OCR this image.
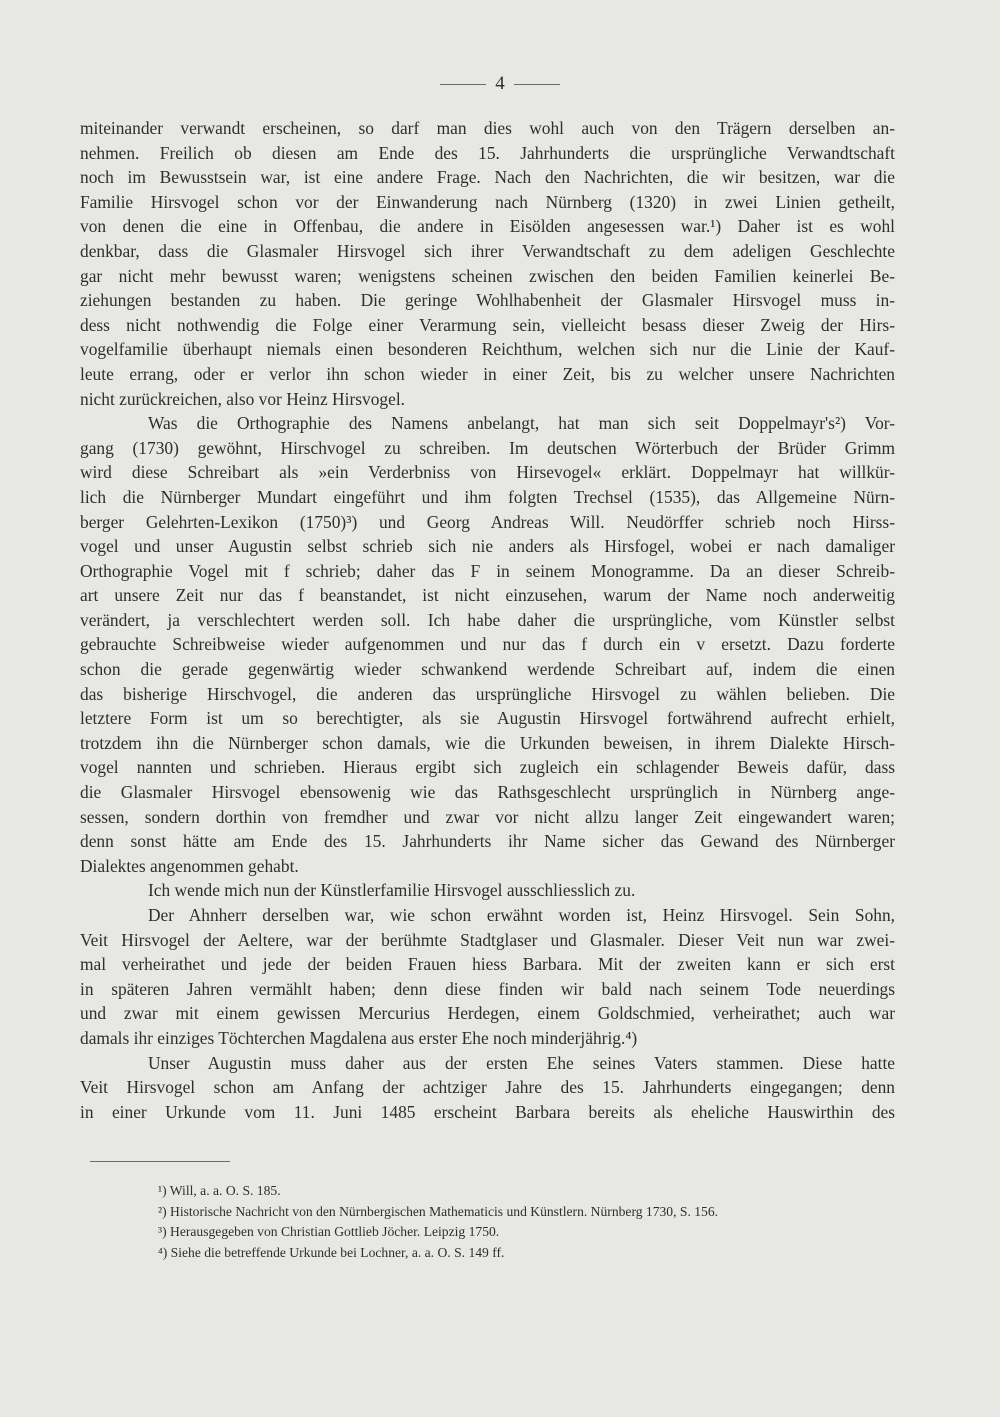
4
miteinander verwandt erscheinen, so darf man dies wohl auch von den Trägern derselben an-
nehmen. Freilich ob diesen am Ende des 15. Jahrhunderts die ursprüngliche Verwandtschaft
noch im Bewusstsein war, ist eine andere Frage. Nach den Nachrichten, die wir besitzen, war die
Familie Hirsvogel schon vor der Einwanderung nach Nürnberg (1320) in zwei Linien getheilt,
von denen die eine in Offenbau, die andere in Eisölden angesessen war.¹) Daher ist es wohl
denkbar, dass die Glasmaler Hirsvogel sich ihrer Verwandtschaft zu dem adeligen Geschlechte
gar nicht mehr bewusst waren; wenigstens scheinen zwischen den beiden Familien keinerlei Be-
ziehungen bestanden zu haben. Die geringe Wohlhabenheit der Glasmaler Hirsvogel muss in-
dess nicht nothwendig die Folge einer Verarmung sein, vielleicht besass dieser Zweig der Hirs-
vogelfamilie überhaupt niemals einen besonderen Reichthum, welchen sich nur die Linie der Kauf-
leute errang, oder er verlor ihn schon wieder in einer Zeit, bis zu welcher unsere Nachrichten
nicht zurückreichen, also vor Heinz Hirsvogel.
Was die Orthographie des Namens anbelangt, hat man sich seit Doppelmayr's²) Vor-
gang (1730) gewöhnt, Hirschvogel zu schreiben. Im deutschen Wörterbuch der Brüder Grimm
wird diese Schreibart als »ein Verderbniss von Hirsevogel« erklärt. Doppelmayr hat willkür-
lich die Nürnberger Mundart eingeführt und ihm folgten Trechsel (1535), das Allgemeine Nürn-
berger Gelehrten-Lexikon (1750)³) und Georg Andreas Will. Neudörffer schrieb noch Hirss-
vogel und unser Augustin selbst schrieb sich nie anders als Hirsfogel, wobei er nach damaliger
Orthographie Vogel mit f schrieb; daher das F in seinem Monogramme. Da an dieser Schreib-
art unsere Zeit nur das f beanstandet, ist nicht einzusehen, warum der Name noch anderweitig
verändert, ja verschlechtert werden soll. Ich habe daher die ursprüngliche, vom Künstler selbst
gebrauchte Schreibweise wieder aufgenommen und nur das f durch ein v ersetzt. Dazu forderte
schon die gerade gegenwärtig wieder schwankend werdende Schreibart auf, indem die einen
das bisherige Hirschvogel, die anderen das ursprüngliche Hirsvogel zu wählen belieben. Die
letztere Form ist um so berechtigter, als sie Augustin Hirsvogel fortwährend aufrecht erhielt,
trotzdem ihn die Nürnberger schon damals, wie die Urkunden beweisen, in ihrem Dialekte Hirsch-
vogel nannten und schrieben. Hieraus ergibt sich zugleich ein schlagender Beweis dafür, dass
die Glasmaler Hirsvogel ebensowenig wie das Rathsgeschlecht ursprünglich in Nürnberg ange-
sessen, sondern dorthin von fremdher und zwar vor nicht allzu langer Zeit eingewandert waren;
denn sonst hätte am Ende des 15. Jahrhunderts ihr Name sicher das Gewand des Nürnberger
Dialektes angenommen gehabt.
Ich wende mich nun der Künstlerfamilie Hirsvogel ausschliesslich zu.
Der Ahnherr derselben war, wie schon erwähnt worden ist, Heinz Hirsvogel. Sein Sohn,
Veit Hirsvogel der Aeltere, war der berühmte Stadtglaser und Glasmaler. Dieser Veit nun war zwei-
mal verheirathet und jede der beiden Frauen hiess Barbara. Mit der zweiten kann er sich erst
in späteren Jahren vermählt haben; denn diese finden wir bald nach seinem Tode neuerdings
und zwar mit einem gewissen Mercurius Herdegen, einem Goldschmied, verheirathet; auch war
damals ihr einziges Töchterchen Magdalena aus erster Ehe noch minderjährig.⁴)
Unser Augustin muss daher aus der ersten Ehe seines Vaters stammen. Diese hatte
Veit Hirsvogel schon am Anfang der achtziger Jahre des 15. Jahrhunderts eingegangen; denn
in einer Urkunde vom 11. Juni 1485 erscheint Barbara bereits als eheliche Hauswirthin des
¹) Will, a. a. O. S. 185.
²) Historische Nachricht von den Nürnbergischen Mathematicis und Künstlern. Nürnberg 1730, S. 156.
³) Herausgegeben von Christian Gottlieb Jöcher. Leipzig 1750.
⁴) Siehe die betreffende Urkunde bei Lochner, a. a. O. S. 149 ff.
